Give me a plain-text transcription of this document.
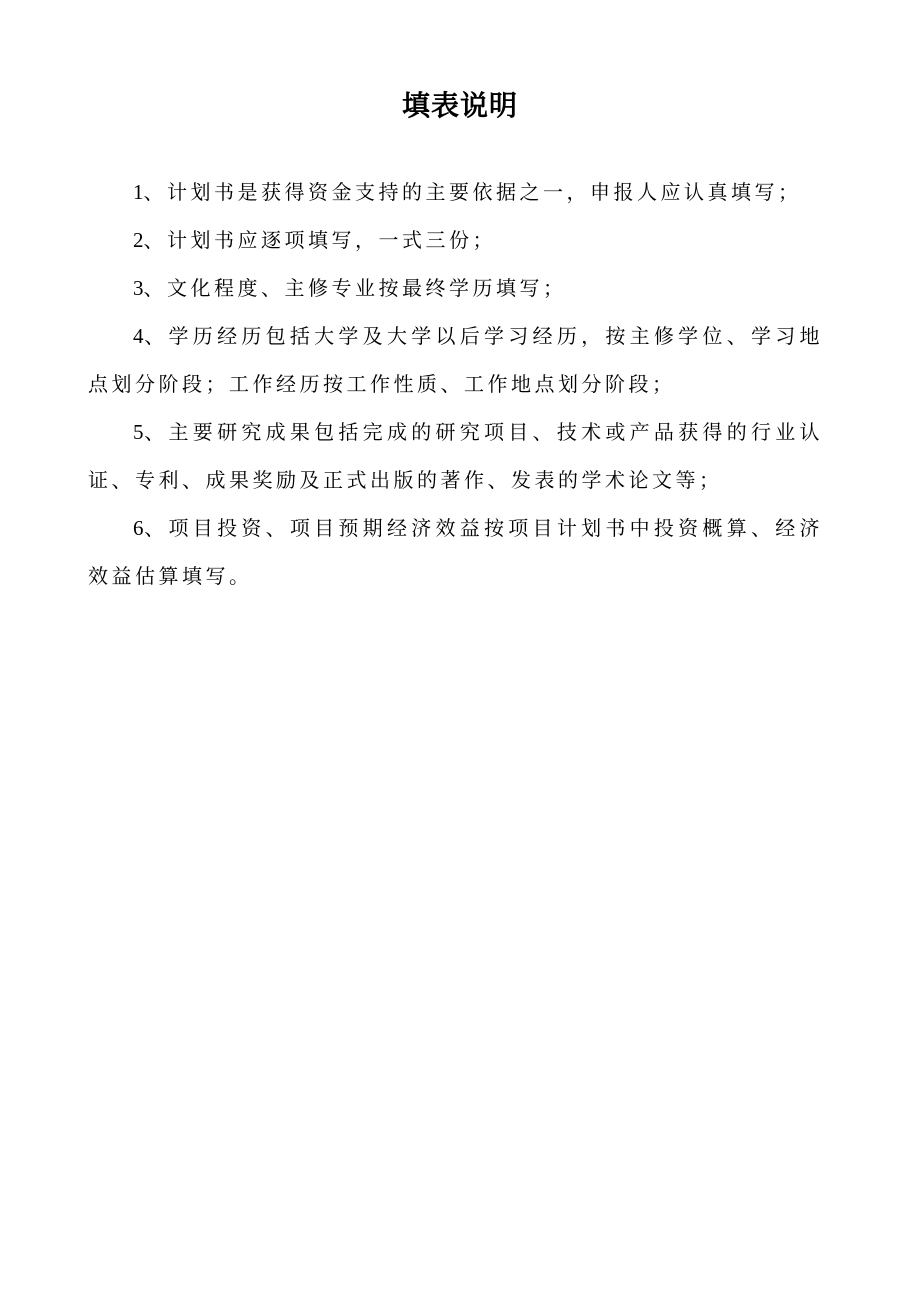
填表说明
1、计划书是获得资金支持的主要依据之一，申报人应认真填写；
2、计划书应逐项填写，一式三份；
3、文化程度、主修专业按最终学历填写；
4、学历经历包括大学及大学以后学习经历，按主修学位、学习地点划分阶段；工作经历按工作性质、工作地点划分阶段；
5、主要研究成果包括完成的研究项目、技术或产品获得的行业认证、专利、成果奖励及正式出版的著作、发表的学术论文等；
6、项目投资、项目预期经济效益按项目计划书中投资概算、经济效益估算填写。
